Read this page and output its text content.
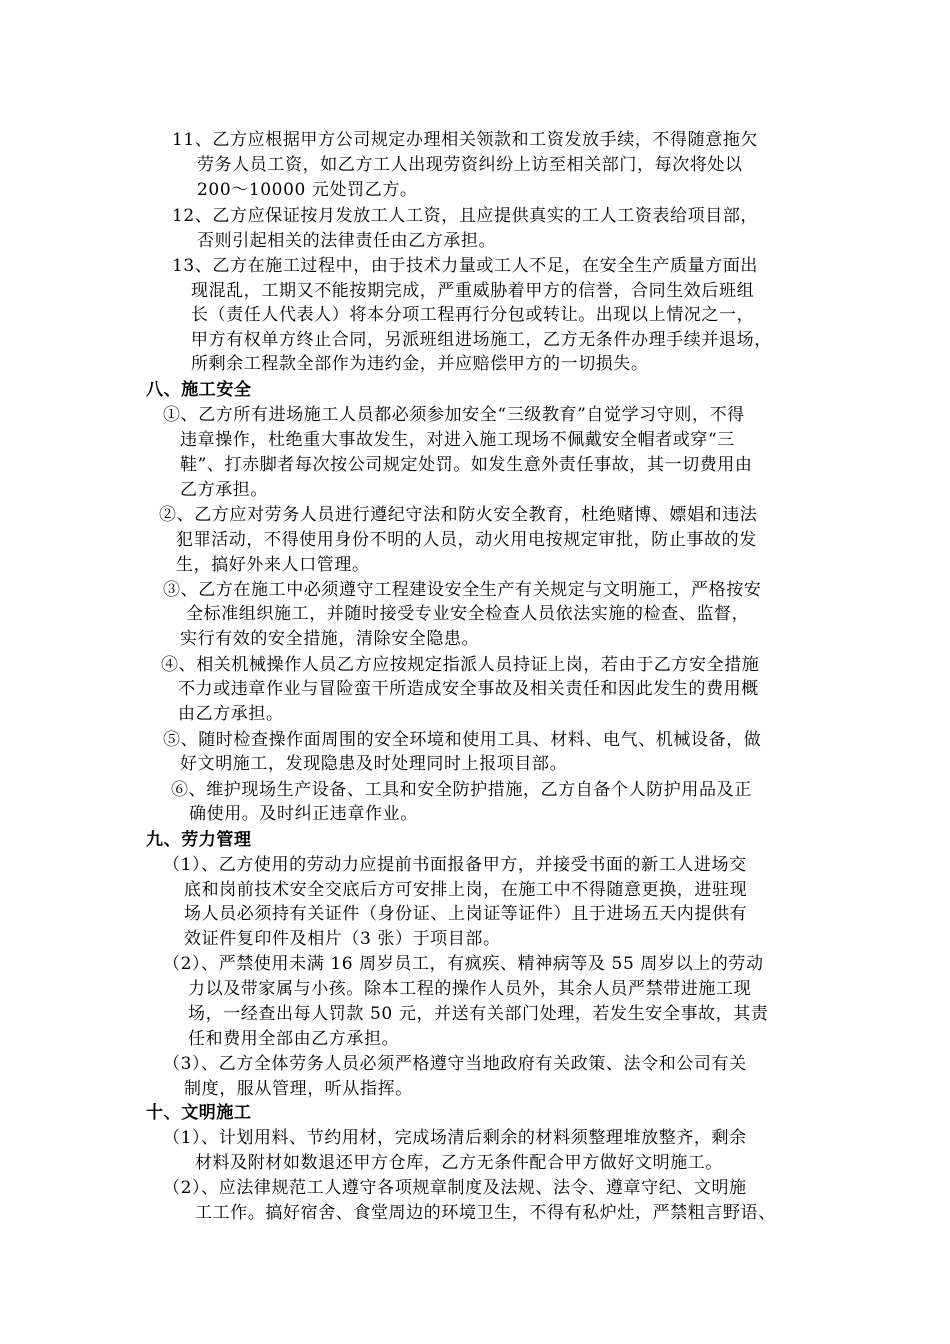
11、乙方应根据甲方公司规定办理相关领款和工资发放手续，不得随意拖欠
劳务人员工资，如乙方工人出现劳资纠纷上访至相关部门，每次将处以
200～10000 元处罚乙方。
12、乙方应保证按月发放工人工资，且应提供真实的工人工资表给项目部，
否则引起相关的法律责任由乙方承担。
13、乙方在施工过程中，由于技术力量或工人不足，在安全生产质量方面出
现混乱，工期又不能按期完成，严重威胁着甲方的信誉，合同生效后班组
长（责任人代表人）将本分项工程再行分包或转让。出现以上情况之一，
甲方有权单方终止合同，另派班组进场施工，乙方无条件办理手续并退场，
所剩余工程款全部作为违约金，并应赔偿甲方的一切损失。
八、施工安全
①、乙方所有进场施工人员都必须参加安全“三级教育”自觉学习守则，不得
违章操作，杜绝重大事故发生，对进入施工现场不佩戴安全帽者或穿“三
鞋”、打赤脚者每次按公司规定处罚。如发生意外责任事故，其一切费用由
乙方承担。
②、乙方应对劳务人员进行遵纪守法和防火安全教育，杜绝赌博、嫖娼和违法
犯罪活动，不得使用身份不明的人员，动火用电按规定审批，防止事故的发
生，搞好外来人口管理。
③、乙方在施工中必须遵守工程建设安全生产有关规定与文明施工，严格按安
全标准组织施工，并随时接受专业安全检查人员依法实施的检查、监督，
实行有效的安全措施，清除安全隐患。
④、相关机械操作人员乙方应按规定指派人员持证上岗，若由于乙方安全措施
不力或违章作业与冒险蛮干所造成安全事故及相关责任和因此发生的费用概
由乙方承担。
⑤、随时检查操作面周围的安全环境和使用工具、材料、电气、机械设备，做
好文明施工，发现隐患及时处理同时上报项目部。
⑥、维护现场生产设备、工具和安全防护措施，乙方自备个人防护用品及正
确使用。及时纠正违章作业。
九、劳力管理
（1）、乙方使用的劳动力应提前书面报备甲方，并接受书面的新工人进场交
底和岗前技术安全交底后方可安排上岗，在施工中不得随意更换，进驻现
场人员必须持有关证件（身份证、上岗证等证件）且于进场五天内提供有
效证件复印件及相片（3 张）于项目部。
（2）、严禁使用未满 16 周岁员工，有疯疾、精神病等及 55 周岁以上的劳动
力以及带家属与小孩。除本工程的操作人员外，其余人员严禁带进施工现
场，一经查出每人罚款 50 元，并送有关部门处理，若发生安全事故，其责
任和费用全部由乙方承担。
（3）、乙方全体劳务人员必须严格遵守当地政府有关政策、法令和公司有关
制度，服从管理，听从指挥。
十、文明施工
（1）、计划用料、节约用材，完成场清后剩余的材料须整理堆放整齐，剩余
材料及附材如数退还甲方仓库，乙方无条件配合甲方做好文明施工。
（2）、应法律规范工人遵守各项规章制度及法规、法令、遵章守纪、文明施
工工作。搞好宿舍、食堂周边的环境卫生，不得有私炉灶，严禁粗言野语、
